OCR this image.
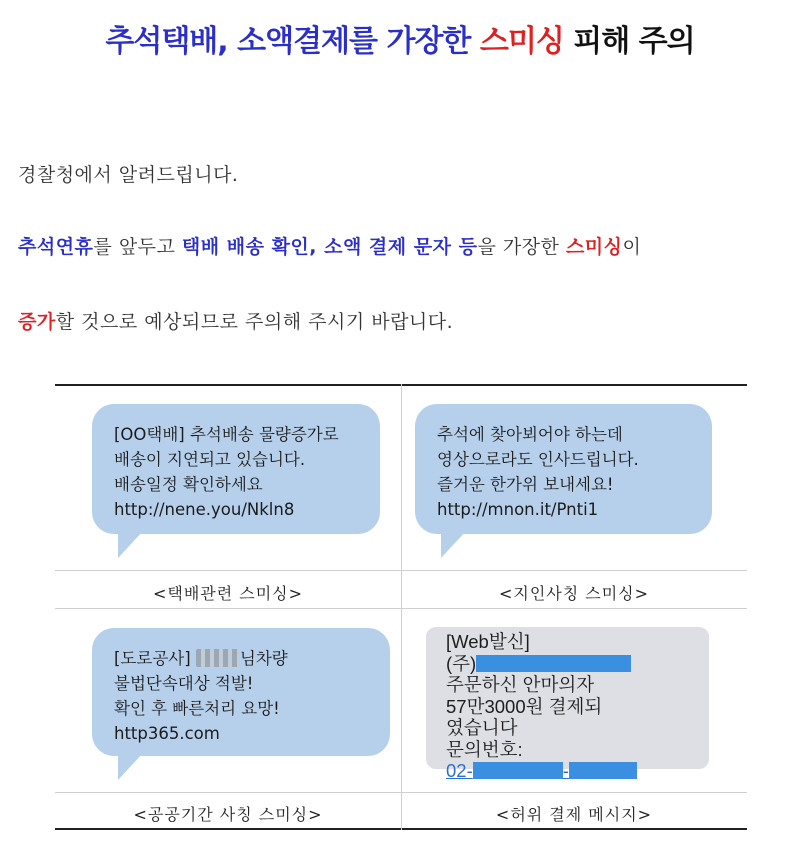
추석택배, 소액결제를 가장한 스미싱 피해 주의
경찰청에서 알려드립니다.
추석연휴를 앞두고 택배 배송 확인, 소액 결제 문자 등을 가장한 스미싱이
증가할 것으로 예상되므로 주의해 주시기 바랍니다.
[OO택배] 추석배송 물량증가로
배송이 지연되고 있습니다.
배송일정 확인하세요
http://nene.you/Nkln8
<택배관련 스미싱>
추석에 찾아뵈어야 하는데
영상으로라도 인사드립니다.
즐거운 한가위 보내세요!
http://mnon.it/Pnti1
<지인사칭 스미싱>
[도로공사]	님차량
불법단속대상 적발!
확인 후 빠른처리 요망!
http365.com
<공공기간 사칭 스미싱>
[Web발신]
(주)
주문하신 안마의자
57만3000원 결제되
였습니다
문의번호:
02-	-
<허위 결제 메시지>
